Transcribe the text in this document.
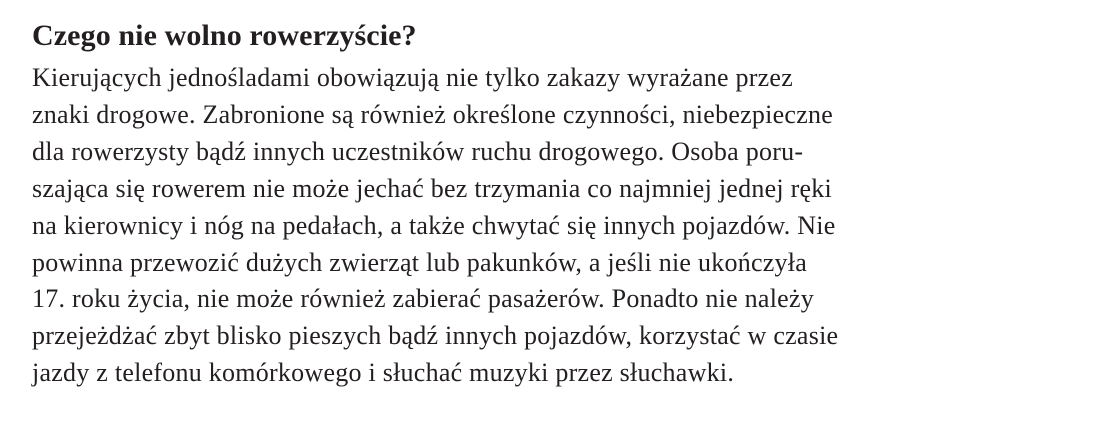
Czego nie wolno rowerzyście?
Kierujących jednośladami obowiązują nie tylko zakazy wyrażane przez
znaki drogowe. Zabronione są również określone czynności, niebezpieczne
dla rowerzysty bądź innych uczestników ruchu drogowego. Osoba poru-
szająca się rowerem nie może jechać bez trzymania co najmniej jednej ręki
na kierownicy i nóg na pedałach, a także chwytać się innych pojazdów. Nie
powinna przewozić dużych zwierząt lub pakunków, a jeśli nie ukończyła
17. roku życia, nie może również zabierać pasażerów. Ponadto nie należy
przejeżdżać zbyt blisko pieszych bądź innych pojazdów, korzystać w czasie
jazdy z telefonu komórkowego i słuchać muzyki przez słuchawki.
